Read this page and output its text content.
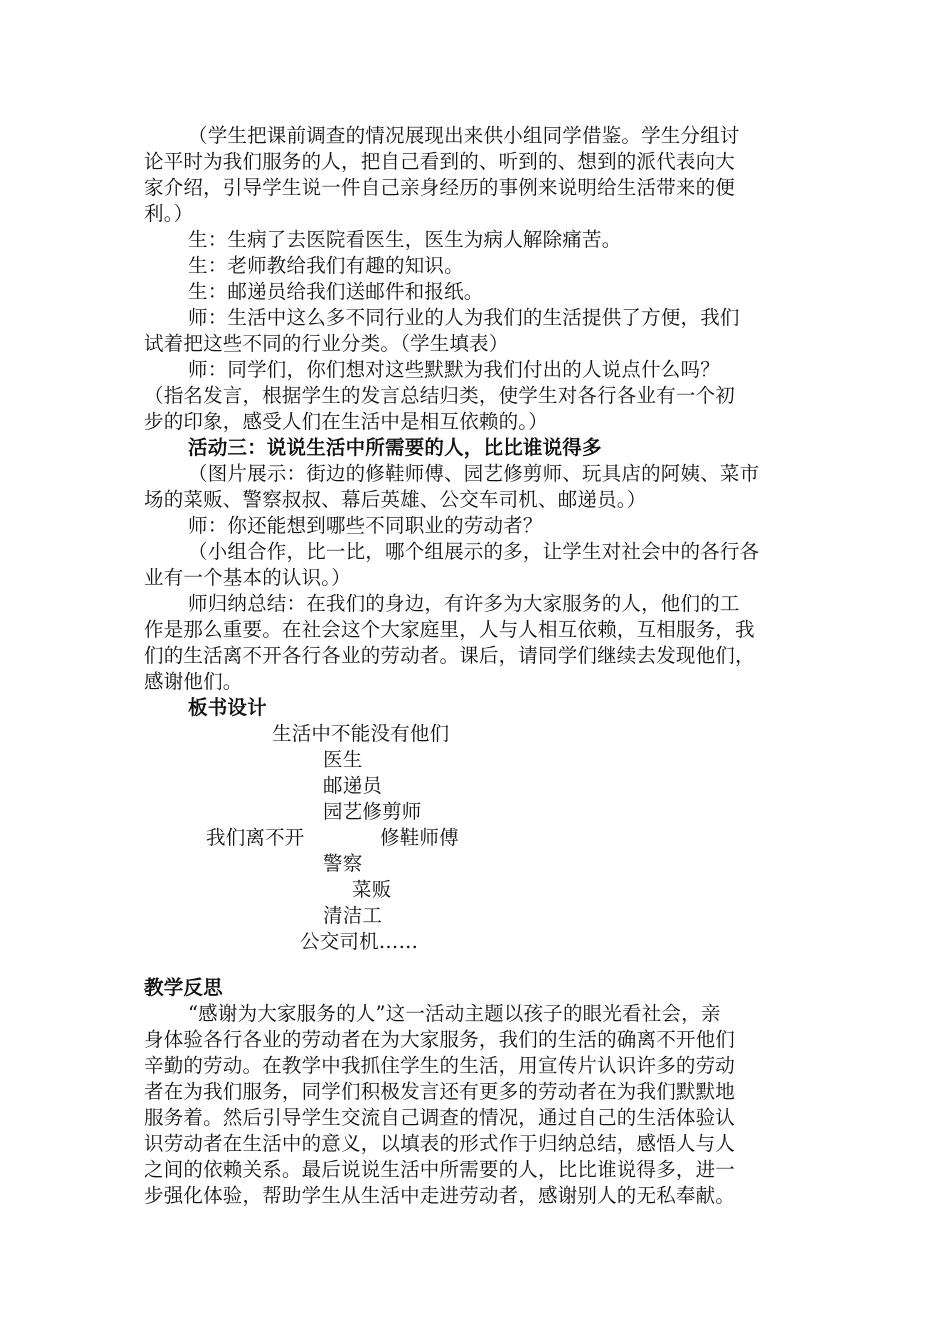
（学生把课前调查的情况展现出来供小组同学借鉴。学生分组讨
论平时为我们服务的人，把自己看到的、听到的、想到的派代表向大
家介绍，引导学生说一件自己亲身经历的事例来说明给生活带来的便
利。）
生：生病了去医院看医生，医生为病人解除痛苦。
生：老师教给我们有趣的知识。
生：邮递员给我们送邮件和报纸。
师：生活中这么多不同行业的人为我们的生活提供了方便，我们
试着把这些不同的行业分类。（学生填表）
师：同学们，你们想对这些默默为我们付出的人说点什么吗？
（指名发言，根据学生的发言总结归类，使学生对各行各业有一个初
步的印象，感受人们在生活中是相互依赖的。）
活动三：说说生活中所需要的人，比比谁说得多
（图片展示：街边的修鞋师傅、园艺修剪师、玩具店的阿姨、菜市
场的菜贩、警察叔叔、幕后英雄、公交车司机、邮递员。）
师：你还能想到哪些不同职业的劳动者？
（小组合作，比一比，哪个组展示的多，让学生对社会中的各行各
业有一个基本的认识。）
师归纳总结：在我们的身边，有许多为大家服务的人，他们的工
作是那么重要。在社会这个大家庭里，人与人相互依赖，互相服务，我
们的生活离不开各行各业的劳动者。课后，请同学们继续去发现他们，
感谢他们。
板书设计
生活中不能没有他们
医生
邮递员
园艺修剪师
我们离不开	修鞋师傅
警察
菜贩
清洁工
公交司机……
教学反思
“感谢为大家服务的人”这一活动主题以孩子的眼光看社会，亲
身体验各行各业的劳动者在为大家服务，我们的生活的确离不开他们
辛勤的劳动。在教学中我抓住学生的生活，用宣传片认识许多的劳动
者在为我们服务，同学们积极发言还有更多的劳动者在为我们默默地
服务着。然后引导学生交流自己调查的情况，通过自己的生活体验认
识劳动者在生活中的意义，以填表的形式作于归纳总结，感悟人与人
之间的依赖关系。最后说说生活中所需要的人，比比谁说得多，进一
步强化体验，帮助学生从生活中走进劳动者，感谢别人的无私奉献。
